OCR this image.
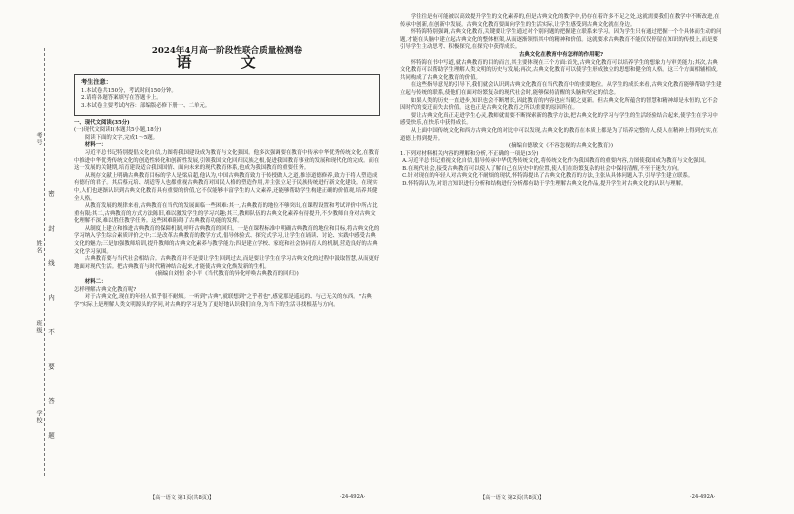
考号
姓名
班级
学校 密 封 线 内 不 要 答 题
2024年4月高一阶段性联合质量检测卷
语 文
考生注意：
1.本试卷共150分，考试时间150分钟。
2.请将各题答案填写在答题卡上。
3.本试卷主要考试内容：部编版必修下册一、二单元。

一、现代文阅读(35分)

(一)现代文阅读Ⅰ(本题共5小题,18分)

阅读下面的文字,完成1～5题。

材料一：

习近平总书记特别提倡文化自信,力图将我国建设成为教育与文化强国。他多次强调要在教育中传承中华优秀传统文化,在教育中推进中华优秀传统文化的创造性转化和创新性发展,引领我国文化回归民族之根,促进我国教育事业的发展和现代化的完成。而在这一发展的关键期,培育建设适合我国国情、面向未来的现代教育体系,也成为我国教育的重要任务。

从现存文献上明确古典教育目标的学人是梁启超,他认为,中国古典教育致力于传授做人之道,推崇道德修养,致力于将人塑造成有德行的君子。其后蔡元培、胡适等人也都重视古典教育对国民人格的塑造作用,并主张立足于民族传统进行新文化建设。在现实中,人们也逐渐认识到古典文化教育具有重要的价值,它不仅能够丰富学生的人文素养,还能够帮助学生构建正确的价值观,培养其健全人格。

从教育发展的规律来看,古典教育在当代的发展面临一些困难:其一,古典教育的地位不够突出,在课程设置和考试评价中所占比重有限;其二,古典教育的方式方法陈旧,难以激发学生的学习兴趣;其三,教师队伍的古典文化素养有待提升,不少教师自身对古典文化理解不深,难以胜任教学任务。这些困难阻碍了古典教育功能的发挥。

从制度上建立和推进古典教育的保障机制,呼吁古典教育的回归。一是在课程标准中明确古典教育的地位和目标,将古典文化的学习纳入学生综合素质评价之中;二是改革古典教育的教学方式,倡导体验式、探究式学习,让学生在诵读、讨论、实践中感受古典文化的魅力;三是加强教师培训,提升教师的古典文化素养与教学能力;四是建立学校、家庭和社会协同育人的机制,营造良好的古典文化学习氛围。

古典教育要与当代社会相结合。古典教育并不是要让学生回到过去,而是要让学生在学习古典文化的过程中汲取智慧,从而更好地面对现代生活。把古典教育与时代精神结合起来,才能使古典文化焕发新的生机。

(摘编自刘恒 余小平《当代教育的异化呼唤古典教育的回归》)

材料二：

怎样理解古典文化教育呢?

对于古典文化,现在的年轻人似乎很不耐烦。一听到"古典",就联想到"之乎者也",感觉那是遥远的、与己无关的东西。"古典学"实际上是理解人类文明源头的学问,对古典的学习是为了更好地认识我们自身,为当下的生活寻找根基与方向。

学往往是有可能被以高效提升学生的文化素养的,但是古典文化的教学中,仍存在着许多不足之处,这就需要我们在教学中不断改进,在传承中创新,在创新中发展。古典文化教育要面向学生的生活实际,让学生感受到古典文化就在身边。

怀特海特别强调,古典文化教育,关键要让学生通过对个别问题的把握建立联系来学习。因为学生只有通过把握一个个具体而生动的问题,才能在头脑中建立起古典文化的整体框架,从而逐渐领悟其中的精神和价值。这就要求古典教育不能仅仅停留在知识的传授上,而是要引导学生主动思考、积极探究,在探究中获得成长。

古典文化在教育中有怎样的作用呢?

怀特海在书中写道,就古典教育的目的而言,其主要体现在三个方面:首先,古典文化教育可以培养学生的想象力与审美能力;其次,古典文化教育可以帮助学生理解人类文明的历史与发展;再次,古典文化教育可以使学生形成独立的思想和健全的人格。这三个方面相辅相成,共同构成了古典文化教育的价值。

在这些指导意见的引导下,我们就会认识到古典文化教育在当代教育中的重要地位。从学生的成长来看,古典文化教育能够帮助学生建立起与传统的联系,使他们在面对纷繁复杂的现代社会时,能够保持清醒的头脑和坚定的信念。

如果人类的历史一直进步,知识也会不断增长,因此教育的内容也应当随之更新。但古典文化所蕴含的智慧和精神却是永恒的,它不会因时代的变迁而失去价值。这也正是古典文化教育之所以重要的原因所在。

要让古典文化真正走进学生心灵,教师就需要不断探索新的教学方法,把古典文化的学习与学生的生活经验结合起来,使学生在学习中感受快乐,在快乐中获得成长。

从上面中国传统文化和西方古典文化的对比中可以发现,古典文化的教育在本质上都是为了培养完整的人,使人在精神上得到充实,在道德上得到提升。

(摘编自德敏文《不容忽视的古典文化教育》)

1.下列对材料相关内容的理解和分析,不正确的一项是(3分)

A.习近平总书记重视文化自信,倡导传承中华优秀传统文化,将传统文化作为我国教育的重要内容,力图使我国成为教育与文化强国。

B.在现代社会,接受古典教育可以使人了解自己在历史中的位置,使人们在纷繁复杂的社会中保持清醒,不至于迷失方向。

C.针对现在的年轻人对古典文化不耐烦的现状,怀特海提出了古典文化教育的方法,主张从具体问题入手,引导学生建立联系。

D.怀特海认为,对语言知识进行分析和结构进行分析都有助于学生理解古典文化作品,提升学生对古典文化的认识与理解。

【高一语文 第1页(共8页)】	·24-492A·	【高一语文 第2页(共8页)】	·24-492A·
